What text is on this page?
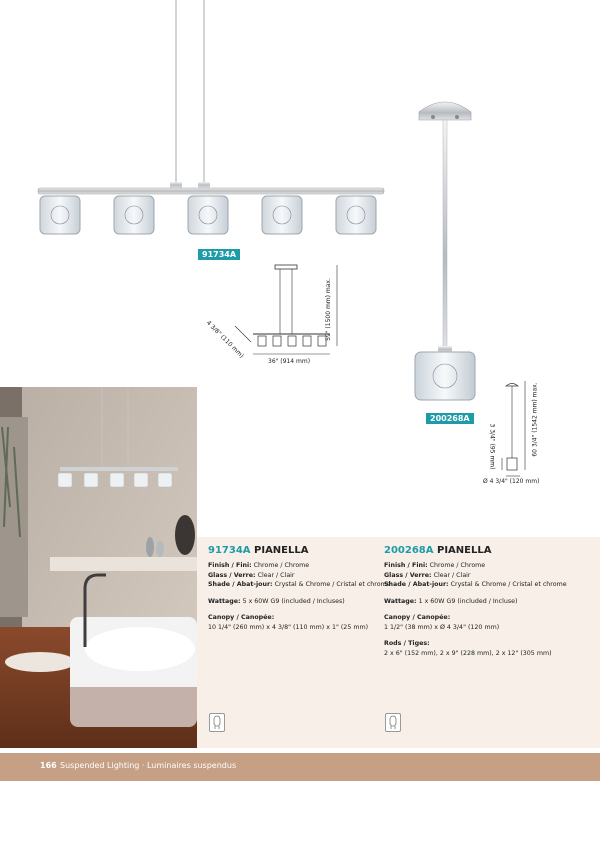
91734A
59" (1500 mm) max.
4 3/8" (110 mm)
36" (914 mm)
200268A	60 3/4" (1542 mm) max.
3 3/4" (95 mm)
Ø 4 3/4" (120 mm)
91734A PIANELLA
Finish / Fini: Chrome / Chrome
Glass / Verre: Clear / Clair
Shade / Abat-jour: Crystal & Chrome / Cristal et chrome
Wattage: 5 x 60W G9 (included / Incluses)
Canopy / Canopée:
10 1/4" (260 mm) x 4 3/8" (110 mm) x 1" (25 mm)
200268A PIANELLA
Finish / Fini: Chrome / Chrome
Glass / Verre: Clear / Clair
Shade / Abat-jour: Crystal & Chrome / Cristal et chrome
Wattage: 1 x 60W G9 (included / Incluse)
Canopy / Canopée:
1 1/2" (38 mm) x Ø 4 3/4" (120 mm)
Rods / Tiges:
2 x 6" (152 mm), 2 x 9" (228 mm), 2 x 12" (305 mm)
166 Suspended Lighting · Luminaires suspendus
